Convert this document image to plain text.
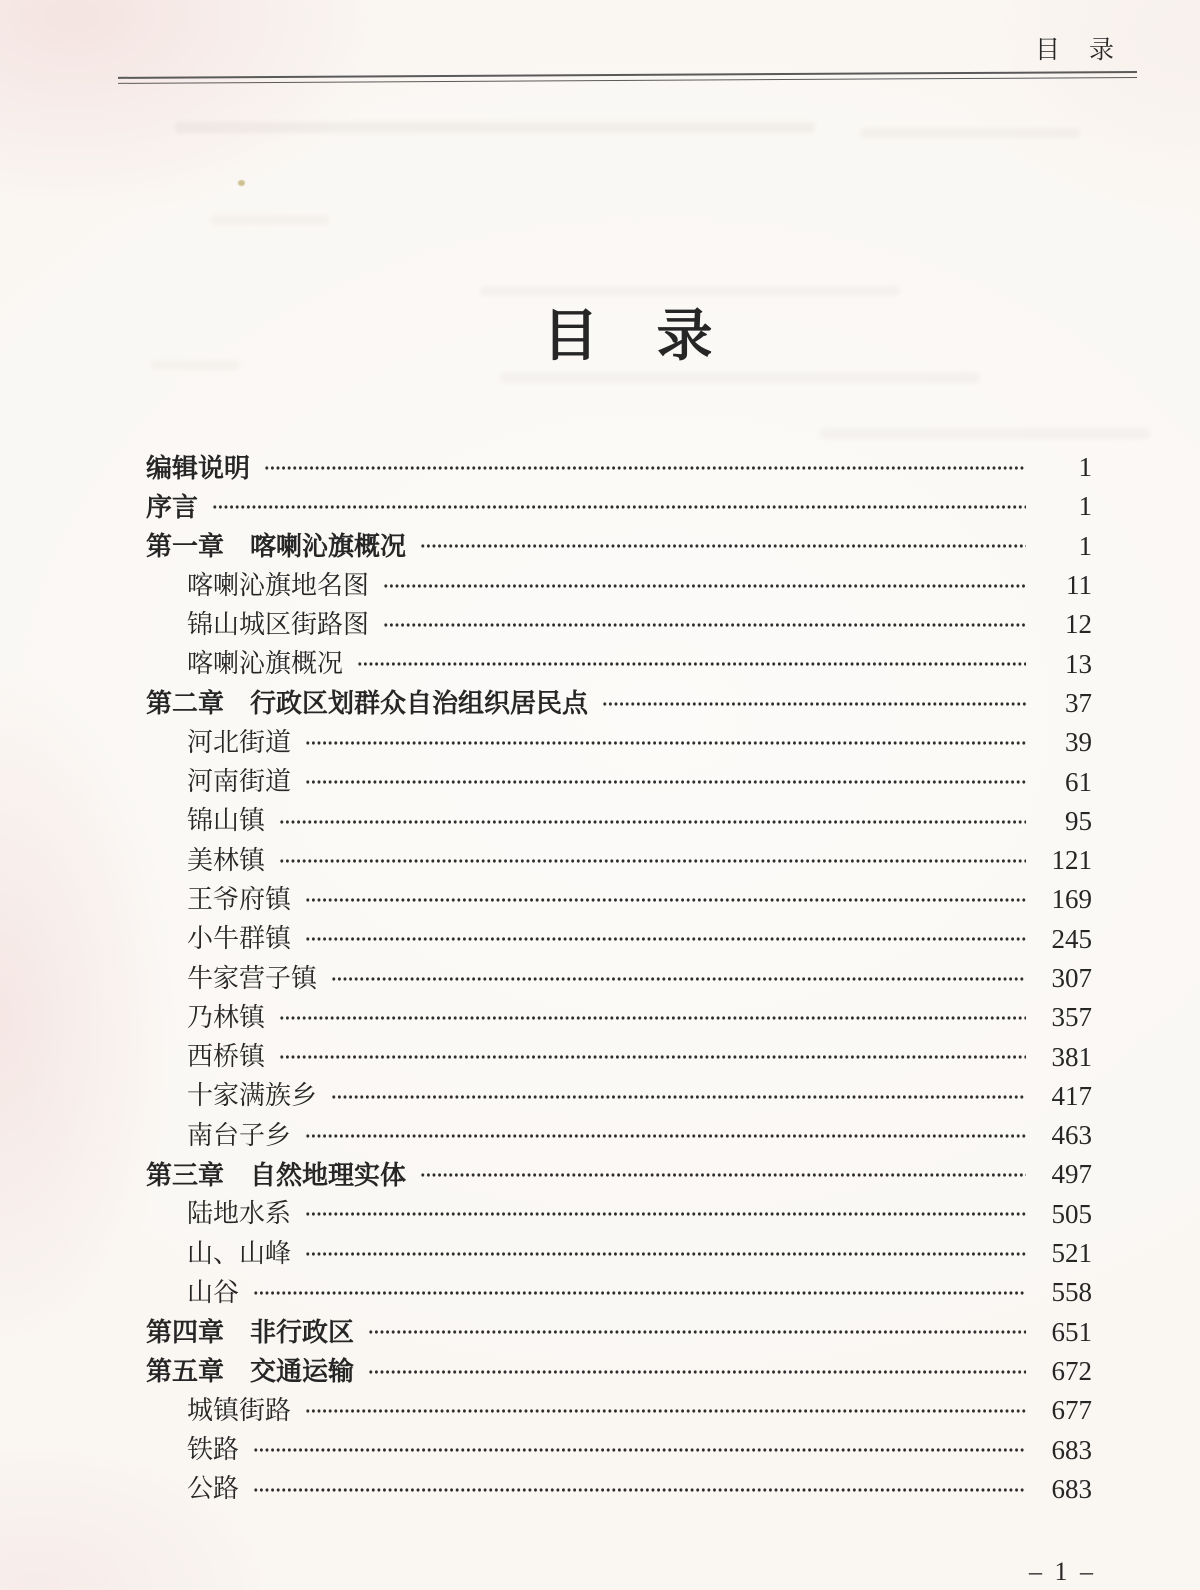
目　录
目　录
编辑说明	1
序言	1
第一章　喀喇沁旗概况	1
喀喇沁旗地名图	11
锦山城区街路图	12
喀喇沁旗概况	13
第二章　行政区划群众自治组织居民点	37
河北街道	39
河南街道	61
锦山镇	95
美林镇	121
王爷府镇	169
小牛群镇	245
牛家营子镇	307
乃林镇	357
西桥镇	381
十家满族乡	417
南台子乡	463
第三章　自然地理实体	497
陆地水系	505
山、山峰	521
山谷	558
第四章　非行政区	651
第五章　交通运输	672
城镇街路	677
铁路	683
公路	683
– 1 –
